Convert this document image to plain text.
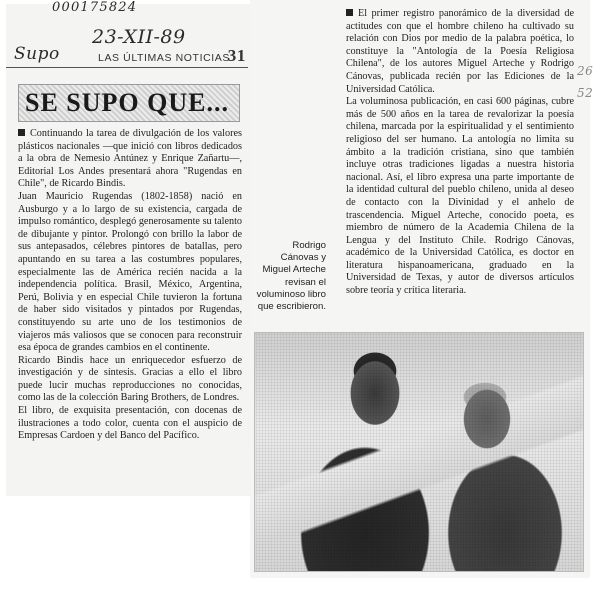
000175824
Supo
23-XII-89
26
52
LAS ÚLTIMAS NOTICIAS
31
SE SUPO QUE...

Continuando la tarea de divulgación de los valores plásticos nacionales —que inició con libros dedicados a la obra de Nemesio Antúnez y Enrique Zañartu—, Editorial Los Andes presentará ahora "Rugendas en Chile", de Ricardo Bindis.

Juan Mauricio Rugendas (1802-1858) nació en Ausburgo y a lo largo de su existencia, cargada de impulso romántico, desplegó generosamente su talento de dibujante y pintor. Prolongó con brillo la labor de sus antepasados, célebres pintores de batallas, pero apuntando en su tarea a las costumbres populares, especialmente las de América recién nacida a la independencia política. Brasil, México, Argentina, Perú, Bolivia y en especial Chile tuvieron la fortuna de haber sido visitados y pintados por Rugendas, constituyendo su arte uno de los testimonios de viajeros más valiosos que se conocen para reconstruir esa época de grandes cambios en el continente.

Ricardo Bindis hace un enriquecedor esfuerzo de investigación y de síntesis. Gracias a ello el libro puede lucir muchas reproducciones no conocidas, como las de la colección Baring Brothers, de Londres.

El libro, de exquisita presentación, con docenas de ilustraciones a todo color, cuenta con el auspicio de Empresas Cardoen y del Banco del Pacífico.

El primer registro panorámico de la diversidad de actitudes con que el hombre chileno ha cultivado su relación con Dios por medio de la palabra poética, lo constituye la "Antología de la Poesía Religiosa Chilena", de los autores Miguel Arteche y Rodrigo Cánovas, publicada recién por las Ediciones de la Universidad Católica.

La voluminosa publicación, en casi 600 páginas, cubre más de 500 años en la tarea de revalorizar la poesía chilena, marcada por la espiritualidad y el sentimiento religioso del ser humano. La antología no limita su ámbito a la tradición cristiana, sino que también incluye otras tradiciones ligadas a nuestra historia nacional. Así, el libro expresa una parte importante de la identidad cultural del pueblo chileno, unida al deseo de contacto con la Divinidad y el anhelo de trascendencia. Miguel Arteche, conocido poeta, es miembro de número de la Academia Chilena de la Lengua y del Instituto Chile. Rodrigo Cánovas, académico de la Universidad Católica, es doctor en literatura hispanoamericana, graduado en la Universidad de Texas, y autor de diversos artículos sobre teoría y crítica literaria.

Rodrigo Cánovas y Miguel Arteche revisan el voluminoso libro que escribieron.
